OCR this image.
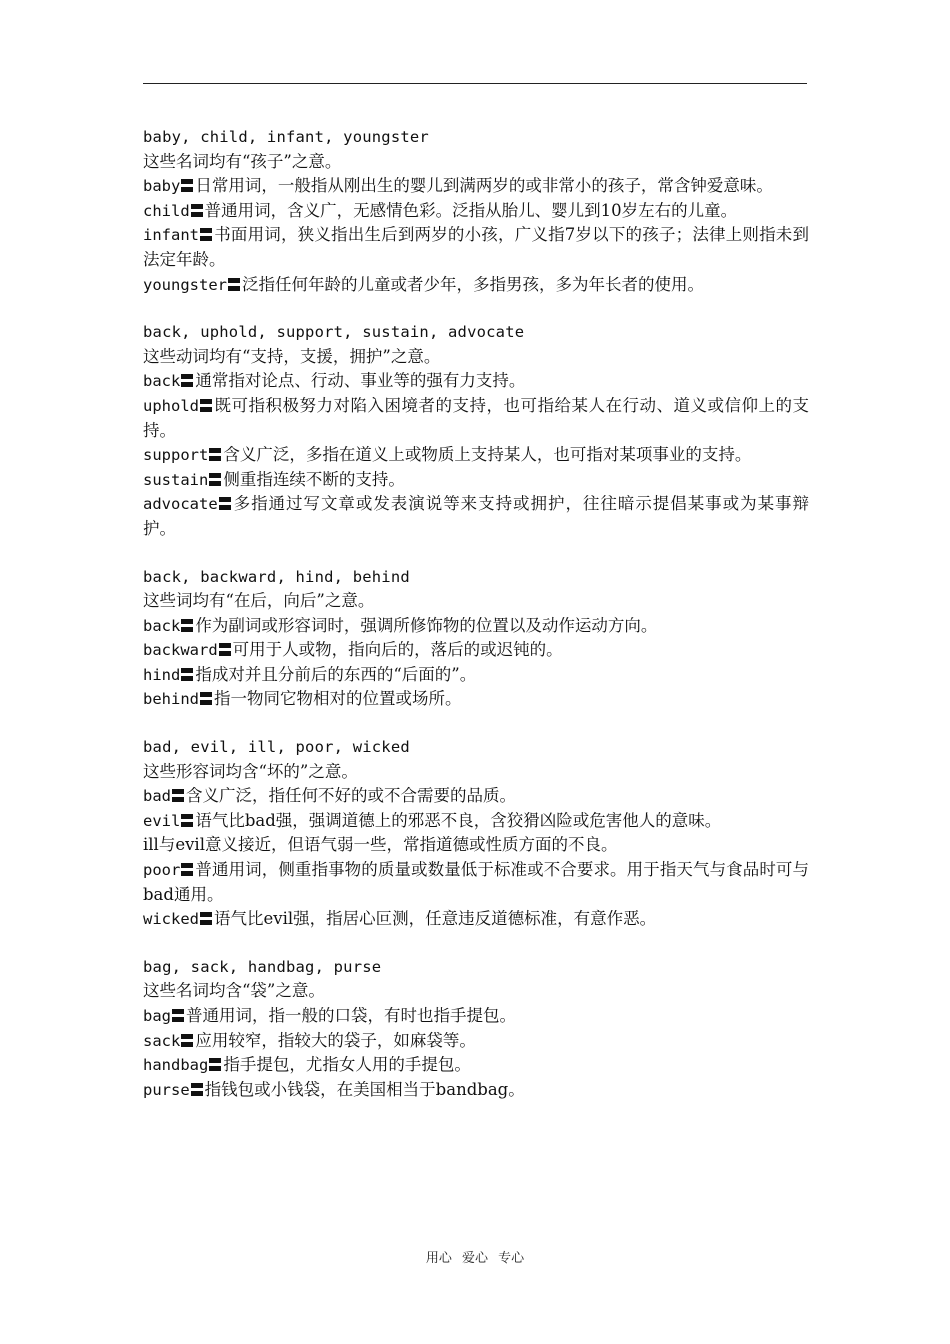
baby, child, infant, youngster

这些名词均有“孩子”之意。

baby 日常用词，一般指从刚出生的婴儿到满两岁的或非常小的孩子，常含钟爱意味。

child 普通用词，含义广，无感情色彩。泛指从胎儿、婴儿到10岁左右的儿童。

infant 书面用词，狭义指出生后到两岁的小孩，广义指7岁以下的孩子；法律上则指未到法定年龄。

youngster 泛指任何年龄的儿童或者少年，多指男孩，多为年长者的使用。

back, uphold, support, sustain, advocate

这些动词均有“支持，支援，拥护”之意。

back 通常指对论点、行动、事业等的强有力支持。

uphold 既可指积极努力对陷入困境者的支持，也可指给某人在行动、道义或信仰上的支持。

support 含义广泛，多指在道义上或物质上支持某人，也可指对某项事业的支持。

sustain 侧重指连续不断的支持。

advocate 多指通过写文章或发表演说等来支持或拥护，往往暗示提倡某事或为某事辩护。

back, backward, hind, behind

这些词均有“在后，向后”之意。

back 作为副词或形容词时，强调所修饰物的位置以及动作运动方向。

backward 可用于人或物，指向后的，落后的或迟钝的。

hind 指成对并且分前后的东西的“后面的”。

behind 指一物同它物相对的位置或场所。

bad, evil, ill, poor, wicked

这些形容词均含“坏的”之意。

bad 含义广泛，指任何不好的或不合需要的品质。

evil 语气比bad强，强调道德上的邪恶不良，含狡猾凶险或危害他人的意味。

ill与evil意义接近，但语气弱一些，常指道德或性质方面的不良。

poor 普通用词，侧重指事物的质量或数量低于标准或不合要求。用于指天气与食品时可与bad通用。

wicked 语气比evil强，指居心叵测，任意违反道德标准，有意作恶。

bag, sack, handbag, purse

这些名词均含“袋”之意。

bag 普通用词，指一般的口袋，有时也指手提包。

sack 应用较窄，指较大的袋子，如麻袋等。

handbag 指手提包，尤指女人用的手提包。

purse 指钱包或小钱袋，在美国相当于bandbag。

用心 爱心 专心
